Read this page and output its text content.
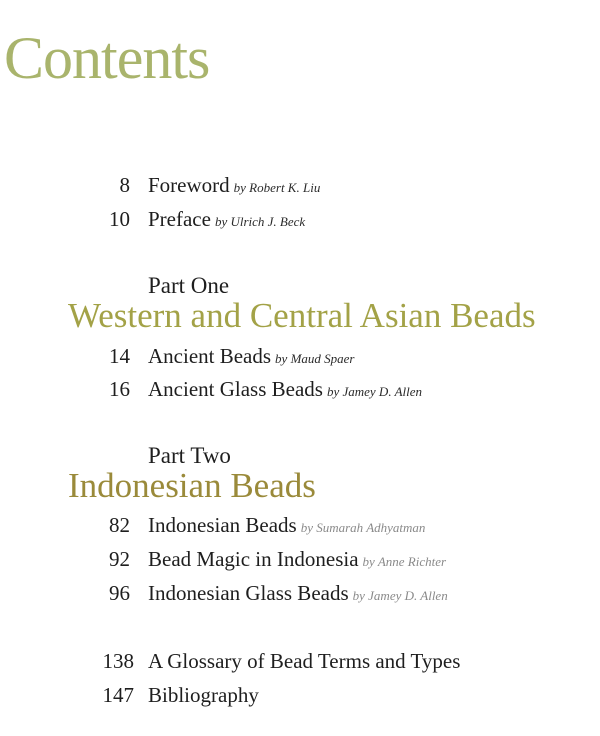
Contents
8 Foreword by Robert K. Liu
10 Preface by Ulrich J. Beck
Part One
Western and Central Asian Beads
14 Ancient Beads by Maud Spaer
16 Ancient Glass Beads by Jamey D. Allen
Part Two
Indonesian Beads
82 Indonesian Beads by Sumarah Adhyatman
92 Bead Magic in Indonesia by Anne Richter
96 Indonesian Glass Beads by Jamey D. Allen
138 A Glossary of Bead Terms and Types
147 Bibliography
